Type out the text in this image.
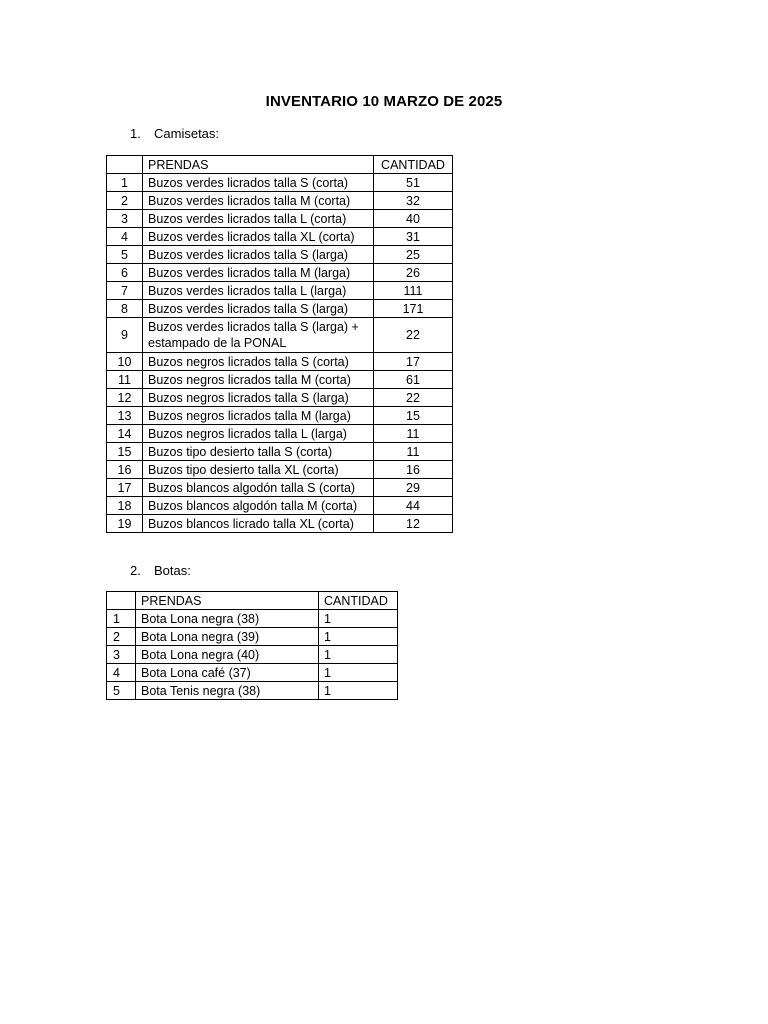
INVENTARIO 10 MARZO DE 2025

1. Camisetas:

	PRENDAS	CANTIDAD
1	Buzos verdes licrados talla S (corta)	51
2	Buzos verdes licrados talla M (corta)	32
3	Buzos verdes licrados talla L (corta)	40
4	Buzos verdes licrados talla XL (corta)	31
5	Buzos verdes licrados talla S (larga)	25
6	Buzos verdes licrados talla M (larga)	26
7	Buzos verdes licrados talla L (larga)	111
8	Buzos verdes licrados talla S (larga)	171
9	Buzos verdes licrados talla S (larga) + estampado de la PONAL	22
10	Buzos negros licrados talla S (corta)	17
11	Buzos negros licrados talla M (corta)	61
12	Buzos negros licrados talla S (larga)	22
13	Buzos negros licrados talla M (larga)	15
14	Buzos negros licrados talla L (larga)	11
15	Buzos tipo desierto talla S (corta)	11
16	Buzos tipo desierto talla XL (corta)	16
17	Buzos blancos algodón talla S (corta)	29
18	Buzos blancos algodón talla M (corta)	44
19	Buzos blancos licrado talla XL (corta)	12

2. Botas:

	PRENDAS	CANTIDAD
1	Bota Lona negra (38)	1
2	Bota Lona negra (39)	1
3	Bota Lona negra (40)	1
4	Bota Lona café (37)	1
5	Bota Tenis negra (38)	1
